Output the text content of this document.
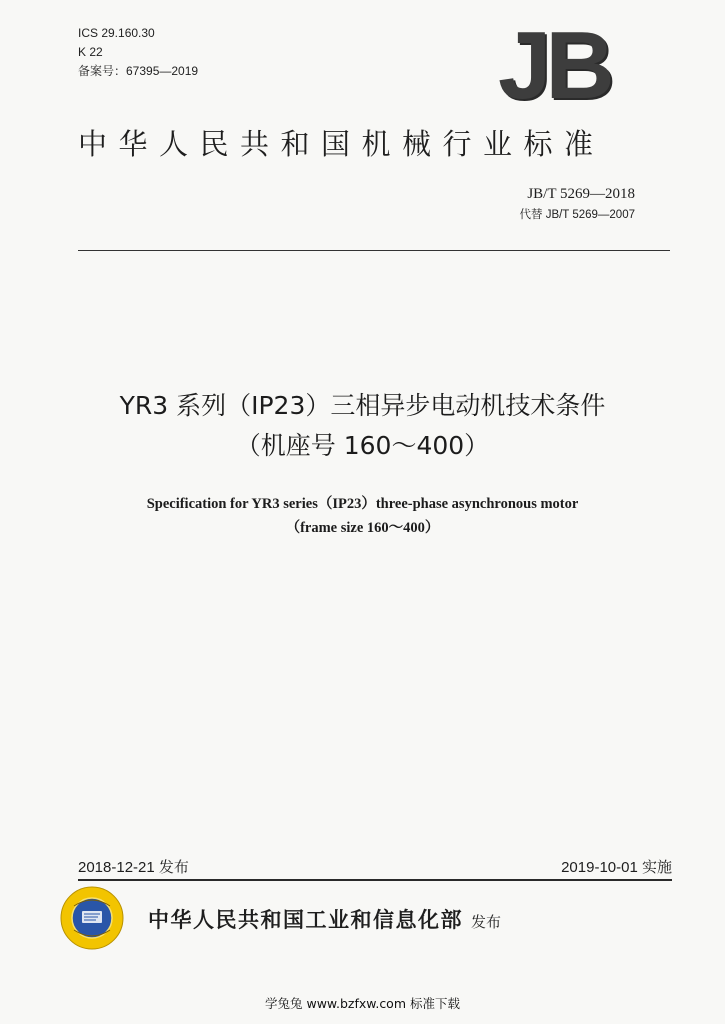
ICS 29.160.30
K 22
备案号：67395—2019	JB
中华人民共和国机械行业标准
JB/T 5269—2018
代替 JB/T 5269—2007
YR3 系列（IP23）三相异步电动机技术条件
（机座号 160～400）
Specification for YR3 series（IP23）three-phase asynchronous motor
（frame size 160～400）
2018-12-21 发布	2019-10-01 实施
中华人民共和国工业和信息化部 发布
学兔兔 www.bzfxw.com 标准下载
